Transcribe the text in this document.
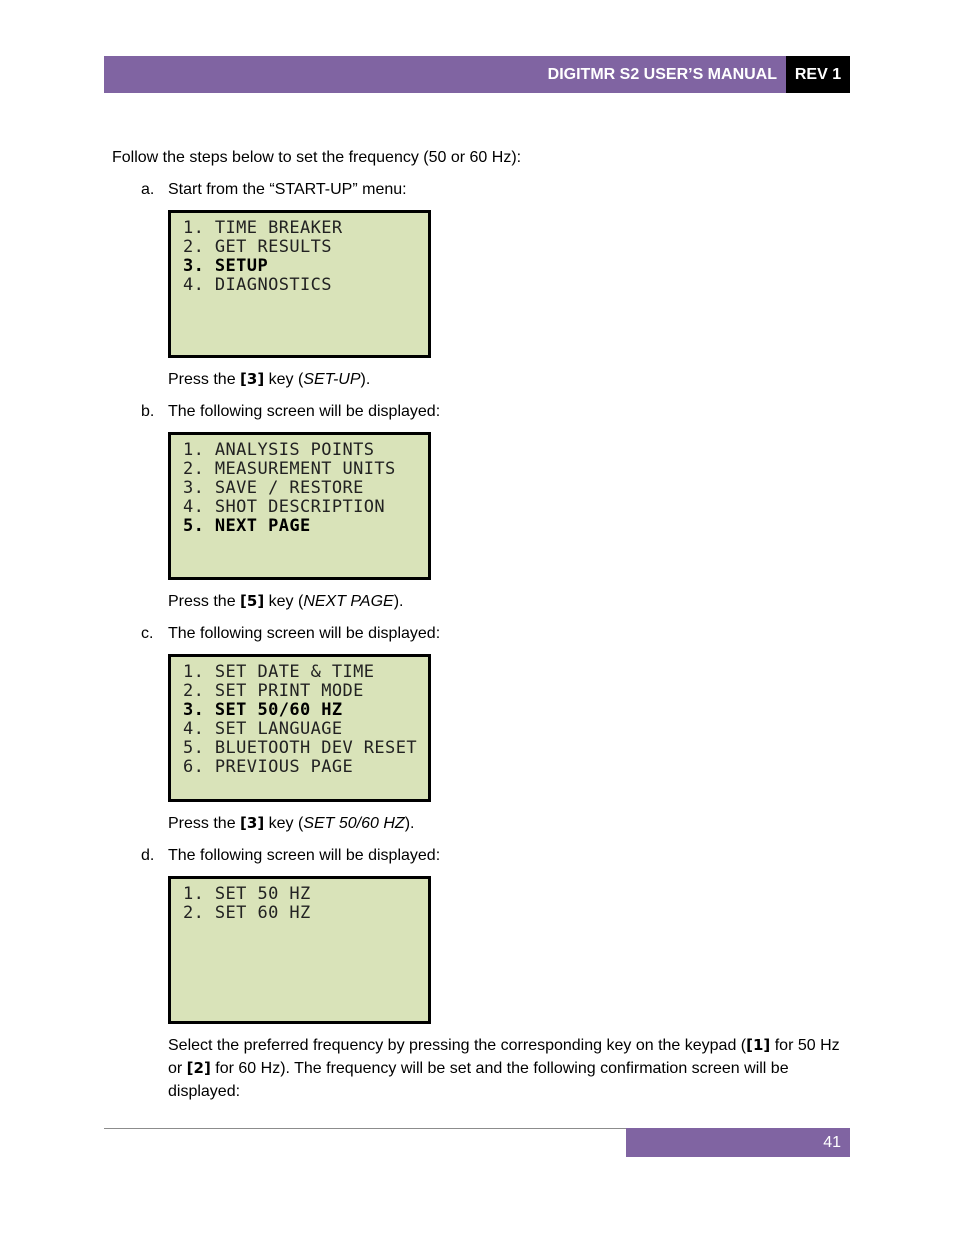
DIGITMR S2 USER’S MANUAL	REV 1
Follow the steps below to set the frequency (50 or 60 Hz):
a. Start from the “START-UP” menu:
1. TIME BREAKER
2. GET RESULTS
3. SETUP
4. DIAGNOSTICS
Press the [3] key (SET-UP).
b. The following screen will be displayed:
1. ANALYSIS POINTS
2. MEASUREMENT UNITS
3. SAVE / RESTORE
4. SHOT DESCRIPTION
5. NEXT PAGE
Press the [5] key (NEXT PAGE).
c. The following screen will be displayed:
1. SET DATE & TIME
2. SET PRINT MODE
3. SET 50/60 HZ
4. SET LANGUAGE
5. BLUETOOTH DEV RESET
6. PREVIOUS PAGE
Press the [3] key (SET 50/60 HZ).
d. The following screen will be displayed:
1. SET 50 HZ
2. SET 60 HZ
Select the preferred frequency by pressing the corresponding key on the keypad ([1] for 50 Hz or [2] for 60 Hz). The frequency will be set and the following confirmation screen will be displayed:
41
